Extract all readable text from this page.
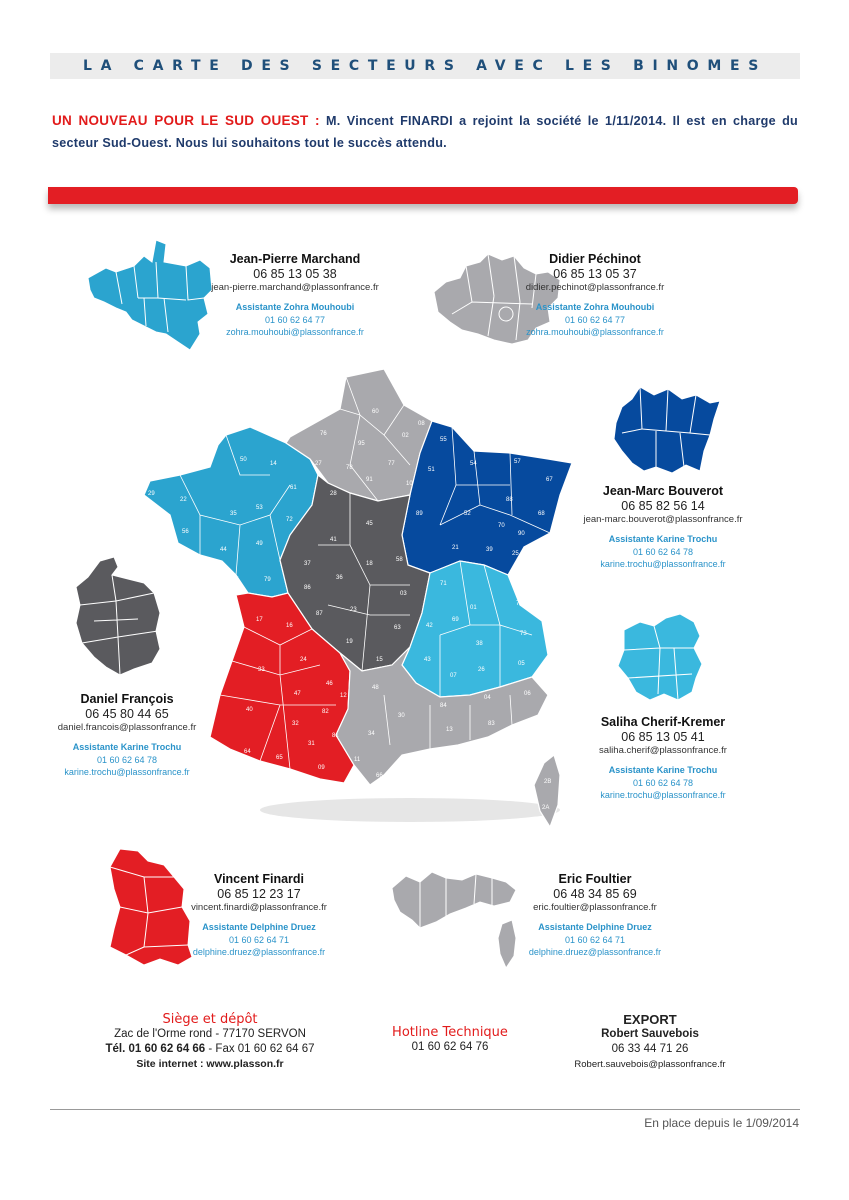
LA CARTE DES SECTEURS AVEC LES BINOMES
UN NOUVEAU POUR LE SUD OUEST : M. Vincent FINARDI a rejoint la société le 1/11/2014. Il est en charge du secteur Sud-Ouest. Nous lui souhaitons tout le succès attendu.
76
27
60
02
08
95
77
10
78
91
50
14
61
29
22
35
53
72
56
44
49
85	79
28
45
41
37
36
18
58
03
86
87
23
19
15
63
55
54	57
67
51
52
88
68
70
90
21
89
25
39
71
01
74
69
42
38
73
43
07
26
05
17
16
24
33
47
46
40
32
82
12
64
65
31
81
09
48
30
34
84
04
06
13
83
11
66
2B
2A
Jean-Pierre Marchand
06 85 13 05 38
jean-pierre.marchand@plassonfrance.fr
Assistante Zohra Mouhoubi
01 60 62 64 77
zohra.mouhoubi@plassonfrance.fr
Didier Péchinot
06 85 13 05 37
didier.pechinot@plassonfrance.fr
Assistante Zohra Mouhoubi
01 60 62 64 77
zohra.mouhoubi@plassonfrance.fr
Jean-Marc Bouverot
06 85 82 56 14
jean-marc.bouverot@plassonfrance.fr
Assistante Karine Trochu
01 60 62 64 78
karine.trochu@plassonfrance.fr
Daniel François
06 45 80 44 65
daniel.francois@plassonfrance.fr
Assistante Karine Trochu
01 60 62 64 78
karine.trochu@plassonfrance.fr
Saliha Cherif-Kremer
06 85 13 05 41
saliha.cherif@plassonfrance.fr
Assistante Karine Trochu
01 60 62 64 78
karine.trochu@plassonfrance.fr
Vincent Finardi
06 85 12 23 17
vincent.finardi@plassonfrance.fr
Assistante Delphine Druez
01 60 62 64 71
delphine.druez@plassonfrance.fr
Eric Foultier
06 48 34 85 69
eric.foultier@plassonfrance.fr
Assistante Delphine Druez
01 60 62 64 71
delphine.druez@plassonfrance.fr
Siège et dépôt
Zac de l'Orme rond - 77170 SERVON
Tél. 01 60 62 64 66 - Fax 01 60 62 64 67
Site internet : www.plasson.fr
Hotline Technique
01 60 62 64 76
EXPORT
Robert Sauvebois
06 33 44 71 26
Robert.sauvebois@plassonfrance.fr
En place depuis le 1/09/2014
